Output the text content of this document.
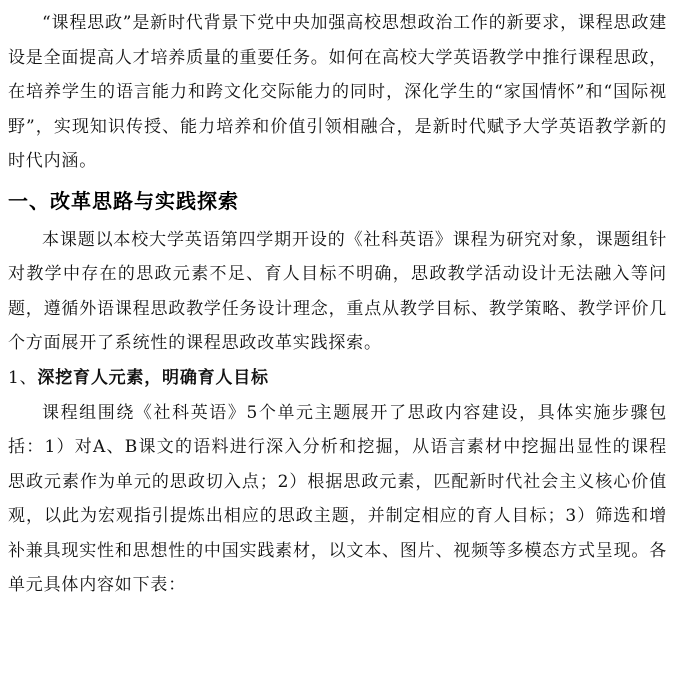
“课程思政”是新时代背景下党中央加强高校思想政治工作的新要求，课程思政建设是全面提高人才培养质量的重要任务。如何在高校大学英语教学中推行课程思政，在培养学生的语言能力和跨文化交际能力的同时，深化学生的“家国情怀”和“国际视野”，实现知识传授、能力培养和价值引领相融合，是新时代赋予大学英语教学新的时代内涵。

一、改革思路与实践探索

本课题以本校大学英语第四学期开设的《社科英语》课程为研究对象，课题组针对教学中存在的思政元素不足、育人目标不明确，思政教学活动设计无法融入等问题，遵循外语课程思政教学任务设计理念，重点从教学目标、教学策略、教学评价几个方面展开了系统性的课程思政改革实践探索。

1、深挖育人元素，明确育人目标

课程组围绕《社科英语》5个单元主题展开了思政内容建设，具体实施步骤包括：1）对A、B课文的语料进行深入分析和挖掘，从语言素材中挖掘出显性的课程思政元素作为单元的思政切入点；2）根据思政元素，匹配新时代社会主义核心价值观，以此为宏观指引提炼出相应的思政主题，并制定相应的育人目标；3）筛选和增补兼具现实性和思想性的中国实践素材，以文本、图片、视频等多模态方式呈现。各单元具体内容如下表：
